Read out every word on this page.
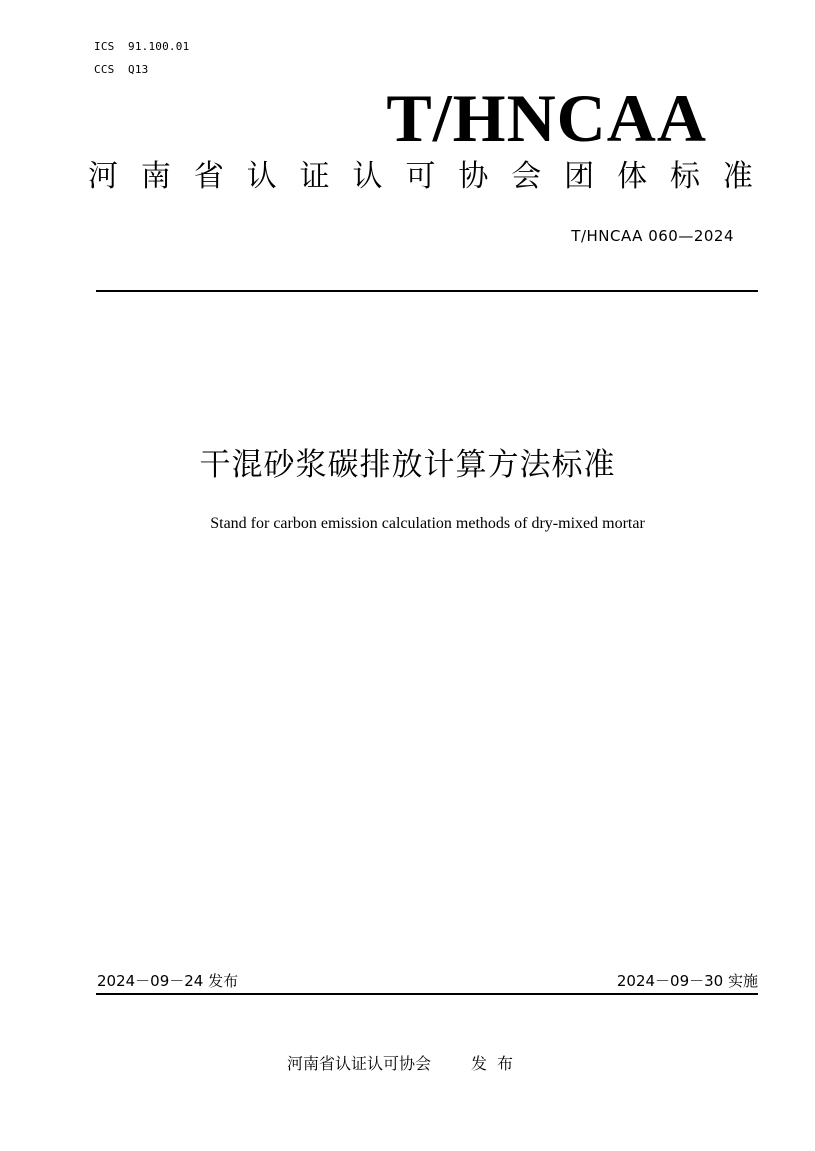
ICS 91.100.01
CCS Q13
T/HNCAA
河 南 省 认 证 认 可 协 会 团 体 标 准
T/HNCAA 060—2024
干混砂浆碳排放计算方法标准
Stand for carbon emission calculation methods of dry-mixed mortar
2024－09－24 发布	2024－09－30 实施
河南省认证认可协会	发布
